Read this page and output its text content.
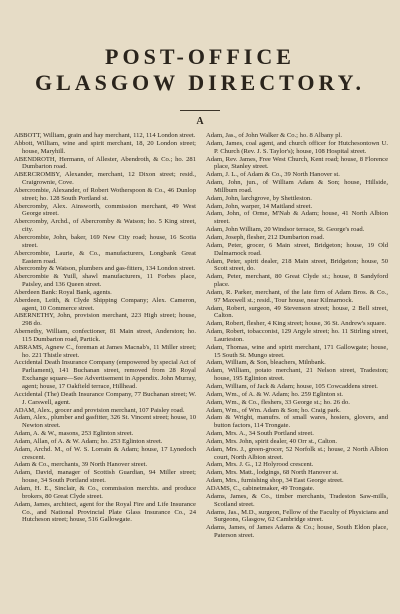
POST-OFFICE
GLASGOW DIRECTORY.
A

ABBOTT, William, grain and hay merchant, 112, 114 London street.

Abbott, William, wine and spirit merchant, 18, 20 London street; house, Maryhill.

ABENDROTH, Hermann, of Allester, Abendroth, & Co.; ho. 281 Dumbarton road.

ABERCROMBY, Alexander, merchant, 12 Dixon street; resid., Craigrownie, Cove.

Abercrombie, Alexander, of Robert Wotherspoon & Co., 46 Dunlop street; ho. 128 South Portland st.

Abercromby, Alex. Ainsworth, commission merchant, 49 West George street.

Abercromby, Archd., of Abercromby & Watson; ho. 5 King street, city.

Abercrombie, John, baker, 169 New City road; house, 16 Scotia street.

Abercrombie, Laurie, & Co., manufacturers, Longbank Great Eastern road.

Abercromby & Watson, plumbers and gas-fitters, 134 London street.

Abercrombie & Yuill, shawl manufacturers, 11 Forbes place, Paisley, and 136 Queen street.

Aberdeen Bank: Royal Bank, agents.

Aberdeen, Leith, & Clyde Shipping Company; Alex. Cameron, agent, 10 Commerce street.

ABERNETHY, John, provision merchant, 223 High street; house, 298 do.

Abernethy, William, confectioner, 81 Main street, Anderston; ho. 115 Dumbarton road, Partick.

ABRAMS, Agnew C., foreman at James Macnab's, 11 Miller street; ho. 221 Thistle street.

Accidental Death Insurance Company (empowered by special Act of Parliament), 141 Buchanan street, removed from 28 Royal Exchange square—See Advertisement in Appendix. John Murray, agent; house, 17 Oakfield terrace, Hillhead.

Accidental (The) Death Insurance Company, 77 Buchanan street; W. J. Carswell, agent.

ADAM, Alex., grocer and provision merchant, 107 Paisley road.

Adam, Alex., plumber and gasfitter, 326 St. Vincent street; house, 10 Newton street.

Adam, A. & W., masons, 253 Eglinton street.

Adam, Allan, of A. & W. Adam; ho. 253 Eglinton street.

Adam, Archd. M., of W. S. Lorrain & Adam; house, 17 Lynedoch crescent.

Adam & Co., merchants, 39 North Hanover street.

Adam, David, manager of Scottish Guardian, 94 Miller street; house, 34 South Portland street.

Adam, H. E., Sinclair, & Co., commission merchts. and produce brokers, 80 Great Clyde street.

Adam, James, architect, agent for the Royal Fire and Life Insurance Co., and National Provincial Plate Glass Insurance Co., 24 Hutcheson street; house, 516 Gallowgate.

Adam, Jas., of John Walker & Co.; ho. 8 Albany pl.

Adam, James, coal agent, and church officer for Hutchesontown U. P. Church (Rev. J. S. Taylor's); house, 108 Hospital street.

Adam, Rev. James, Free West Church, Kent road; house, 8 Florence place, Stanley street.

Adam, J. L., of Adam & Co., 39 North Hanover st.

Adam, John, jun., of William Adam & Son; house, Hillside, Millburn road.

Adam, John, larchgrove, by Shettleston.

Adam, John, warper, 14 Maitland street.

Adam, John, of Orme, M'Nab & Adam; house, 41 North Albion street.

Adam, John William, 20 Windsor terrace, St. George's road.

Adam, Joseph, flesher, 212 Dumbarton road.

Adam, Peter, grocer, 6 Main street, Bridgeton; house, 19 Old Dalmarnock road.

Adam, Peter, spirit dealer, 218 Main street, Bridgeton; house, 50 Scott street, do.

Adam, Peter, merchant, 80 Great Clyde st.; house, 8 Sandyford place.

Adam, R. Parker, merchant, of the late firm of Adam Bros. & Co., 97 Maxwell st.; resid., Tour house, near Kilmarnock.

Adam, Robert, surgeon, 49 Stevenson street; house, 2 Bell street, Calton.

Adam, Robert, flesher, 4 King street; house, 36 St. Andrew's square.

Adam, Robert, tobacconist, 129 Argyle street; ho. 11 Stirling street, Laurieston.

Adam, Thomas, wine and spirit merchant, 171 Gallowgate; house, 15 South St. Mungo street.

Adam, William, & Son, bleachers, Milnbank.

Adam, William, potato merchant, 21 Nelson street, Tradeston; house, 195 Eglinton street.

Adam, William, of Jack & Adam; house, 105 Cowcaddens street.

Adam, Wm., of A. & W. Adam; ho. 259 Eglinton st.

Adam, Wm., & Co., fleshers, 33 George st.; ho. 26 do.

Adam, Wm., of Wm. Adam & Son; ho. Craig park.

Adam & Wright, manufrs. of small wares, hosiers, glovers, and button factors, 114 Trongate.

Adam, Mrs. A., 34 South Portland street.

Adam, Mrs. John, spirit dealer, 40 Orr st., Calton.

Adam, Mrs. J., green-grocer, 52 Norfolk st.; house, 2 North Albion court, North Albion street.

Adam, Mrs. J. G., 12 Holyrood crescent.

Adam, Mrs. Matt., lodgings, 68 North Hanover st.

Adam, Mrs., furnishing shop, 34 East George street.

ADAMS, C., cabinetmaker, 49 Trongate.

Adams, James, & Co., timber merchants, Tradeston Saw-mills, Scotland street.

Adams, Jas., M.D., surgeon, Fellow of the Faculty of Physicians and Surgeons, Glasgow, 62 Cambridge street.

Adams, James, of James Adams & Co.; house, South Eldon place, Paterson street.
